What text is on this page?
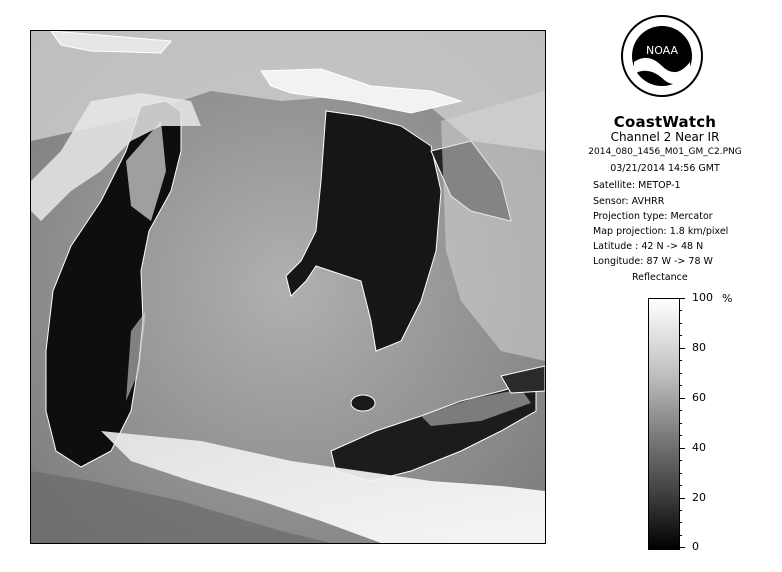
NOAA
CoastWatch
Channel 2 Near IR
2014_080_1456_M01_GM_C2.PNG
03/21/2014 14:56 GMT
Satellite: METOP-1
Sensor: AVHRR
Projection type: Mercator
Map projection: 1.8 km/pixel
Latitude : 42 N -> 48 N
Longitude: 87 W -> 78 W
Reflectance
%
100
80
60
40
20
0
